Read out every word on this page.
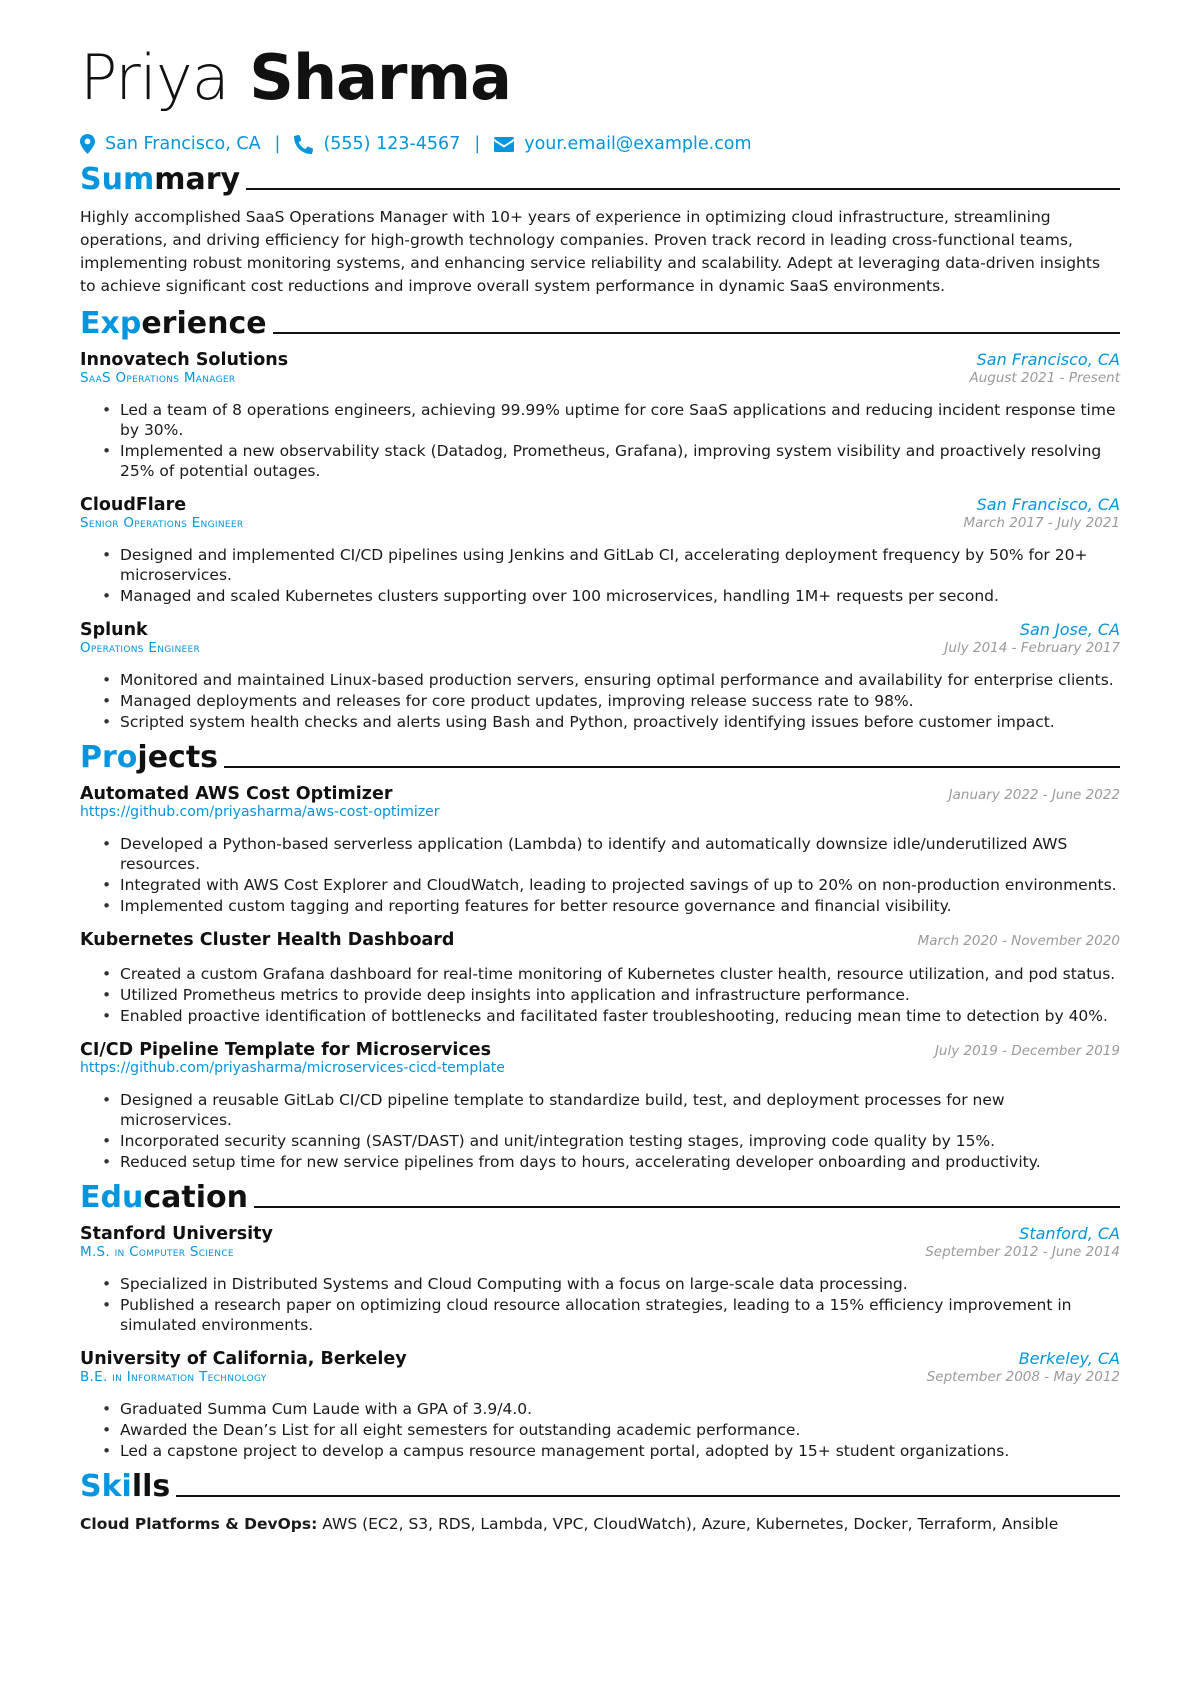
Priya Sharma
San Francisco, CA | (555) 123-4567 |	your.email@example.com
Summary

Highly accomplished SaaS Operations Manager with 10+ years of experience in optimizing cloud infrastructure, streamlining operations, and driving efficiency for high-growth technology companies. Proven track record in leading cross-functional teams, implementing robust monitoring systems, and enhancing service reliability and scalability. Adept at leveraging data-driven insights to achieve significant cost reductions and improve overall system performance in dynamic SaaS environments.

Experience
Innovatech Solutions	San Francisco, CA
SaaS Operations Manager	August 2021 - Present
• Led a team of 8 operations engineers, achieving 99.99% uptime for core SaaS applications and reducing incident response time by 30%.
• Implemented a new observability stack (Datadog, Prometheus, Grafana), improving system visibility and proactively resolving 25% of potential outages.
CloudFlare	San Francisco, CA
Senior Operations Engineer	March 2017 - July 2021
• Designed and implemented CI/CD pipelines using Jenkins and GitLab CI, accelerating deployment frequency by 50% for 20+ microservices.
• Managed and scaled Kubernetes clusters supporting over 100 microservices, handling 1M+ requests per second.
Splunk	San Jose, CA
Operations Engineer	July 2014 - February 2017
• Monitored and maintained Linux-based production servers, ensuring optimal performance and availability for enterprise clients.
• Managed deployments and releases for core product updates, improving release success rate to 98%.
• Scripted system health checks and alerts using Bash and Python, proactively identifying issues before customer impact.
Projects
Automated AWS Cost Optimizer	January 2022 - June 2022
https://github.com/priyasharma/aws-cost-optimizer
• Developed a Python-based serverless application (Lambda) to identify and automatically downsize idle/underutilized AWS resources.
• Integrated with AWS Cost Explorer and CloudWatch, leading to projected savings of up to 20% on non-production environments.
• Implemented custom tagging and reporting features for better resource governance and financial visibility.
Kubernetes Cluster Health Dashboard	March 2020 - November 2020
• Created a custom Grafana dashboard for real-time monitoring of Kubernetes cluster health, resource utilization, and pod status.
• Utilized Prometheus metrics to provide deep insights into application and infrastructure performance.
• Enabled proactive identification of bottlenecks and facilitated faster troubleshooting, reducing mean time to detection by 40%.
CI/CD Pipeline Template for Microservices	July 2019 - December 2019
https://github.com/priyasharma/microservices-cicd-template
• Designed a reusable GitLab CI/CD pipeline template to standardize build, test, and deployment processes for new microservices.
• Incorporated security scanning (SAST/DAST) and unit/integration testing stages, improving code quality by 15%.
• Reduced setup time for new service pipelines from days to hours, accelerating developer onboarding and productivity.
Education
Stanford University	Stanford, CA
M.S. in Computer Science	September 2012 - June 2014
• Specialized in Distributed Systems and Cloud Computing with a focus on large-scale data processing.
• Published a research paper on optimizing cloud resource allocation strategies, leading to a 15% efficiency improvement in simulated environments.
University of California, Berkeley	Berkeley, CA
B.E. in Information Technology	September 2008 - May 2012
• Graduated Summa Cum Laude with a GPA of 3.9/4.0.
• Awarded the Dean’s List for all eight semesters for outstanding academic performance.
• Led a capstone project to develop a campus resource management portal, adopted by 15+ student organizations.
Skills
Cloud Platforms & DevOps: AWS (EC2, S3, RDS, Lambda, VPC, CloudWatch), Azure, Kubernetes, Docker, Terraform, Ansible
